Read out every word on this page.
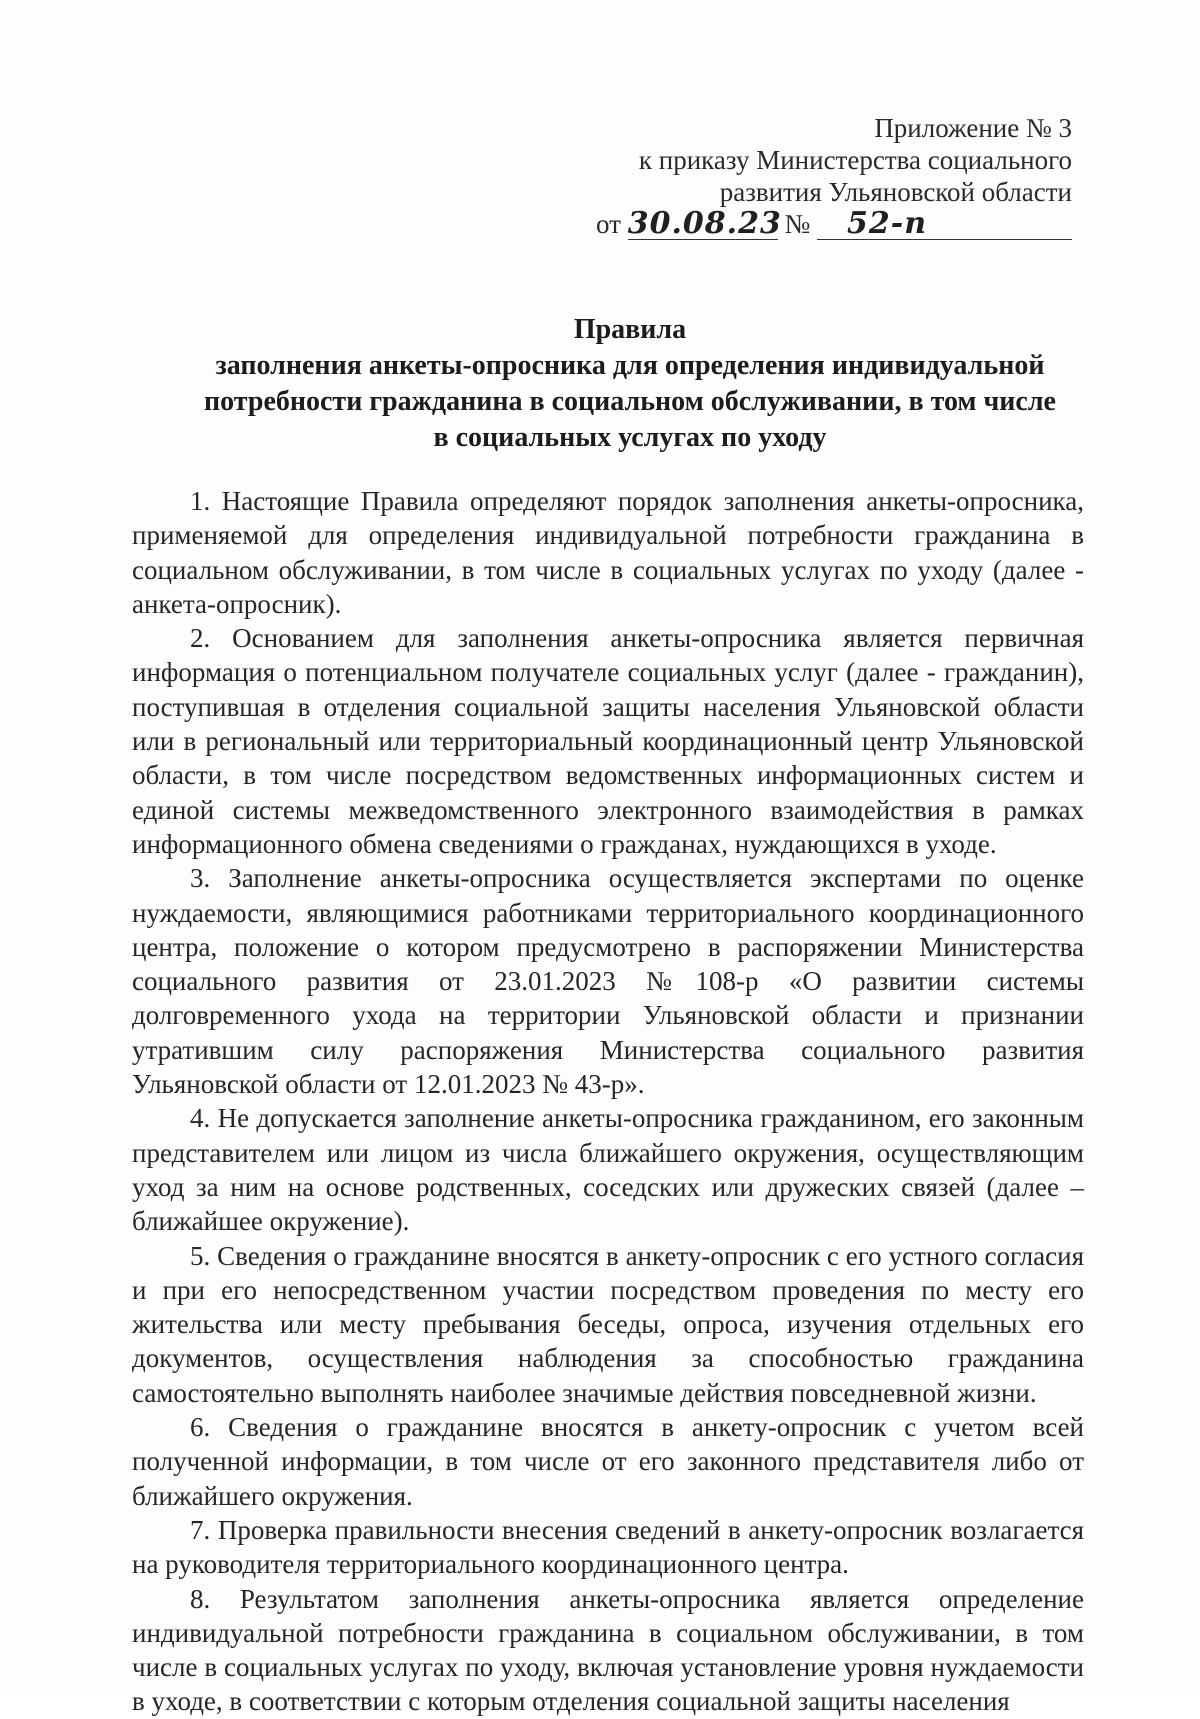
Приложение № 3
к приказу Министерства социального
развития Ульяновской области
от 30.08.23 № 52-п
Правила
заполнения анкеты-опросника для определения индивидуальной
потребности гражданина в социальном обслуживании, в том числе
в социальных услугах по уходу

1. Настоящие Правила определяют порядок заполнения анкеты-опросника, применяемой для определения индивидуальной потребности гражданина в социальном обслуживании, в том числе в социальных услугах по уходу (далее - анкета-опросник).

2. Основанием для заполнения анкеты-опросника является первичная информация о потенциальном получателе социальных услуг (далее - гражданин), поступившая в отделения социальной защиты населения Ульяновской области или в региональный или территориальный координационный центр Ульяновской области, в том числе посредством ведомственных информационных систем и единой системы межведомственного электронного взаимодействия в рамках информационного обмена сведениями о гражданах, нуждающихся в уходе.

3. Заполнение анкеты-опросника осуществляется экспертами по оценке нуждаемости, являющимися работниками территориального координационного центра, положение о котором предусмотрено в распоряжении Министерства социального развития от 23.01.2023 №108-р «О развитии системы долговременного ухода на территории Ульяновской области и признании утратившим силу распоряжения Министерства социального развития Ульяновской области от 12.01.2023 № 43-р».

4. Не допускается заполнение анкеты-опросника гражданином, его законным представителем или лицом из числа ближайшего окружения, осуществляющим уход за ним на основе родственных, соседских или дружеских связей (далее – ближайшее окружение).

5. Сведения о гражданине вносятся в анкету-опросник с его устного согласия и при его непосредственном участии посредством проведения по месту его жительства или месту пребывания беседы, опроса, изучения отдельных его документов, осуществления наблюдения за способностью гражданина самостоятельно выполнять наиболее значимые действия повседневной жизни.

6. Сведения о гражданине вносятся в анкету-опросник с учетом всей полученной информации, в том числе от его законного представителя либо от ближайшего окружения.

7. Проверка правильности внесения сведений в анкету-опросник возлагается на руководителя территориального координационного центра.

8. Результатом заполнения анкеты-опросника является определение индивидуальной потребности гражданина в социальном обслуживании, в том числе в социальных услугах по уходу, включая установление уровня нуждаемости в уходе, в соответствии с которым отделения социальной защиты населения
